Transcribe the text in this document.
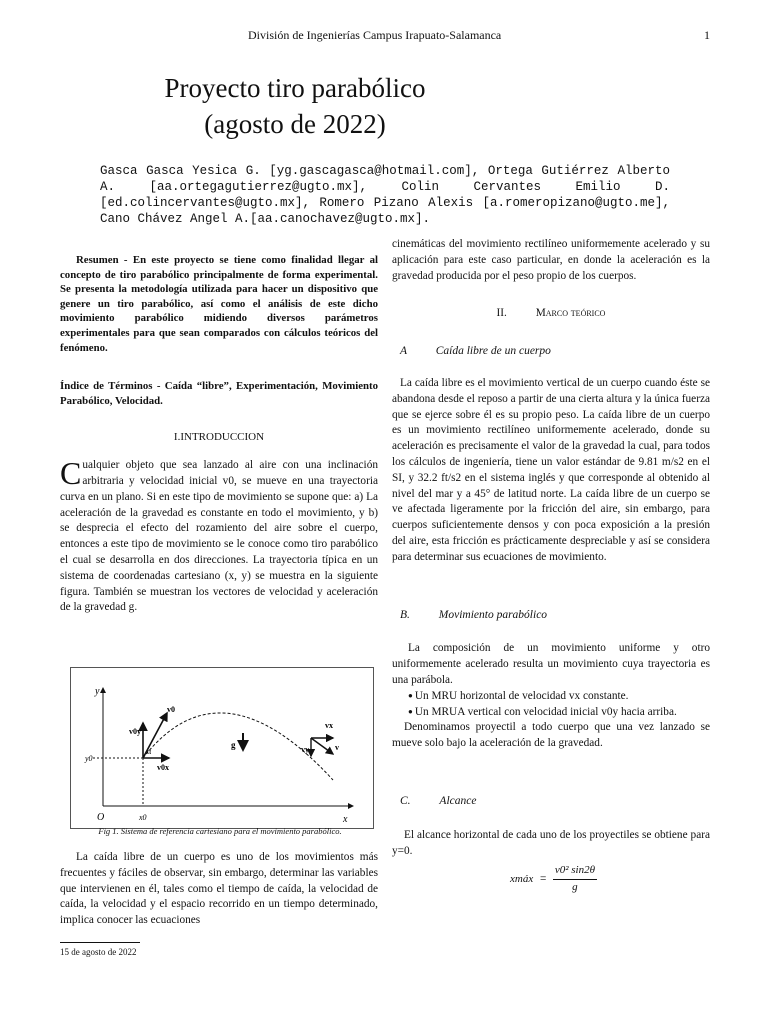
División de Ingenierías Campus Irapuato-Salamanca	1
Proyecto tiro parabólico
(agosto de 2022)
Gasca Gasca Yesica G. [yg.gascagasca@hotmail.com], Ortega Gutiérrez Alberto A. [aa.ortegagutierrez@ugto.mx], Colin Cervantes Emilio D. [ed.colincervantes@ugto.mx], Romero Pizano Alexis [a.romeropizano@ugto.me], Cano Chávez Angel A.[aa.canochavez@ugto.mx].

Resumen - En este proyecto se tiene como finalidad llegar al concepto de tiro parabólico principalmente de forma experimental. Se presenta la metodología utilizada para hacer un dispositivo que genere un tiro parabólico, así como el análisis de este dicho movimiento parabólico midiendo diversos parámetros experimentales para que sean comparados con cálculos teóricos del fenómeno.

Índice de Términos - Caída “libre”, Experimentación, Movimiento Parabólico, Velocidad.

I.INTRODUCCION

Cualquier objeto que sea lanzado al aire con una inclinación arbitraria y velocidad inicial v0, se mueve en una trayectoria curva en un plano. Si en este tipo de movimiento se supone que: a) La aceleración de la gravedad es constante en todo el movimiento, y b) se desprecia el efecto del rozamiento del aire sobre el cuerpo, entonces a este tipo de movimiento se le conoce como tiro parabólico el cual se desarrolla en dos direcciones. La trayectoria típica en un sistema de coordenadas cartesiano (x, y) se muestra en la siguiente figura. También se muestran los vectores de velocidad y aceleración de la gravedad g.

y
x
O
v0
v0y
v0x
α
g
vx
vy	v
y0
x0
Fig 1. Sistema de referencia cartesiano para el movimiento parabólico.

La caída libre de un cuerpo es uno de los movimientos más frecuentes y fáciles de observar, sin embargo, determinar las variables que intervienen en él, tales como el tiempo de caída, la velocidad de caída, la velocidad y el espacio recorrido en un tiempo determinado, implica conocer las ecuaciones

15 de agosto de 2022

cinemáticas del movimiento rectilíneo uniformemente acelerado y su aplicación para este caso particular, en donde la aceleración es la gravedad producida por el peso propio de los cuerpos.

II.	Marco teórico

A	Caída libre de un cuerpo

La caída libre es el movimiento vertical de un cuerpo cuando éste se abandona desde el reposo a partir de una cierta altura y la única fuerza que se ejerce sobre él es su propio peso. La caída libre de un cuerpo es un movimiento rectilíneo uniformemente acelerado, donde su aceleración es precisamente el valor de la gravedad la cual, para todos los cálculos de ingeniería, tiene un valor estándar de 9.81 m/s2 en el SI, y 32.2 ft/s2 en el sistema inglés y que corresponde al obtenido al nivel del mar y a 45° de latitud norte. La caída libre de un cuerpo se ve afectada ligeramente por la fricción del aire, sin embargo, para cuerpos suficientemente densos y con poca exposición a la presión del aire, esta fricción es prácticamente despreciable y así se considera para determinar sus ecuaciones de movimiento.

B.	Movimiento parabólico

La composición de un movimiento uniforme y otro uniformemente acelerado resulta un movimiento cuya trayectoria es una parábola.

● Un MRU horizontal de velocidad vx constante.
● Un MRUA vertical con velocidad inicial v0y hacia arriba.

Denominamos proyectil a todo cuerpo que una vez lanzado se mueve solo bajo la aceleración de la gravedad.

C.	Alcance

El alcance horizontal de cada uno de los proyectiles se obtiene para y=0.

xmáx = $\frac{\text{v0² sin2θ}}{g}$
